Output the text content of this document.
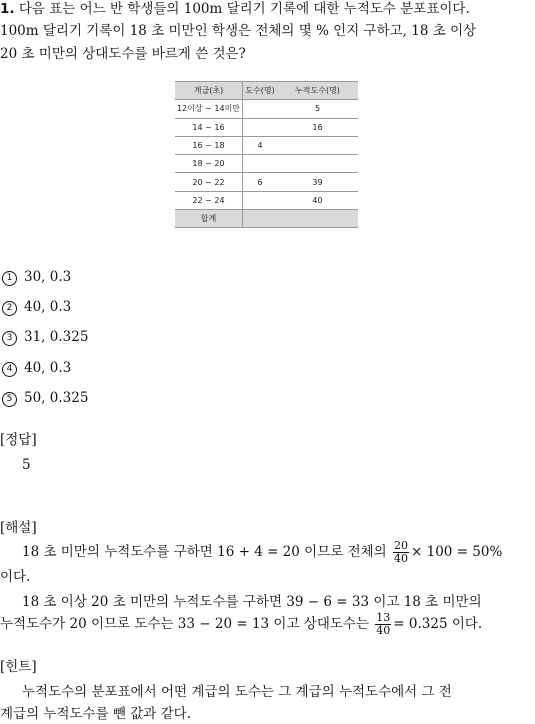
1. 다음 표는 어느 반 학생들의 100m 달리기 기록에 대한 누적도수 분포표이다.
100m 달리기 기록이 18 초 미만인 학생은 전체의 몇 % 인지 구하고, 18 초 이상
20 초 미만의 상대도수를 바르게 쓴 것은?
계급(초)	도수(명)	누적도수(명)
12이상 ~ 14미만		5
14 ~ 16		16
16 ~ 18	4	
18 ~ 20		
20 ~ 22	6	39
22 ~ 24		40
합계		
1 30, 0.3
2 40, 0.3
3 31, 0.325
4 40, 0.3
5 50, 0.325
[정답]
5
[해설]
18 초 미만의 누적도수를 구하면 16 + 4 = 20 이므로 전체의 $\frac{20}{40} \times 100 = 50\%$
이다.
18 초 이상 20 초 미만의 누적도수를 구하면 39 − 6 = 33 이고 18 초 미만의
누적도수가 20 이므로 도수는 33 − 20 = 13 이고 상대도수는 $\frac{13}{40} = 0.325$ 이다.
[힌트]
누적도수의 분포표에서 어떤 계급의 도수는 그 계급의 누적도수에서 그 전
계급의 누적도수를 뺀 값과 같다.
